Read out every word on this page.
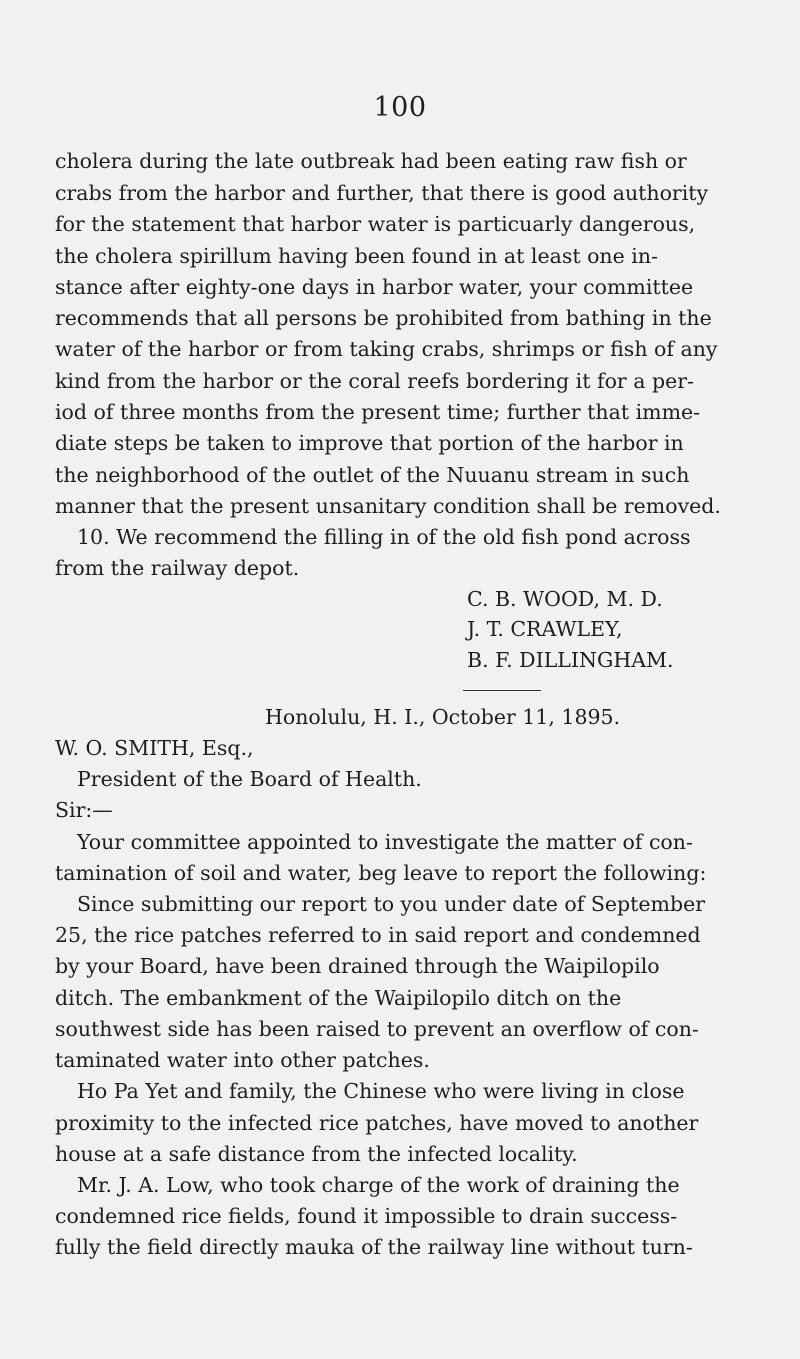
100
cholera during the late outbreak had been eating raw fish or
crabs from the harbor and further, that there is good authority
for the statement that harbor water is particuarly dangerous,
the cholera spirillum having been found in at least one in-
stance after eighty-one days in harbor water, your committee
recommends that all persons be prohibited from bathing in the
water of the harbor or from taking crabs, shrimps or fish of any
kind from the harbor or the coral reefs bordering it for a per-
iod of three months from the present time; further that imme-
diate steps be taken to improve that portion of the harbor in
the neighborhood of the outlet of the Nuuanu stream in such
manner that the present unsanitary condition shall be removed.
10. We recommend the filling in of the old fish pond across
from the railway depot.
C. B. WOOD, M. D.
J. T. CRAWLEY,
B. F. DILLINGHAM.
Honolulu, H. I., October 11, 1895.
W. O. SMITH, Esq.,
President of the Board of Health.
Sir:—
Your committee appointed to investigate the matter of con-
tamination of soil and water, beg leave to report the following:
Since submitting our report to you under date of September
25, the rice patches referred to in said report and condemned
by your Board, have been drained through the Waipilopilo
ditch. The embankment of the Waipilopilo ditch on the
southwest side has been raised to prevent an overflow of con-
taminated water into other patches.
Ho Pa Yet and family, the Chinese who were living in close
proximity to the infected rice patches, have moved to another
house at a safe distance from the infected locality.
Mr. J. A. Low, who took charge of the work of draining the
condemned rice fields, found it impossible to drain success-
fully the field directly mauka of the railway line without turn-
